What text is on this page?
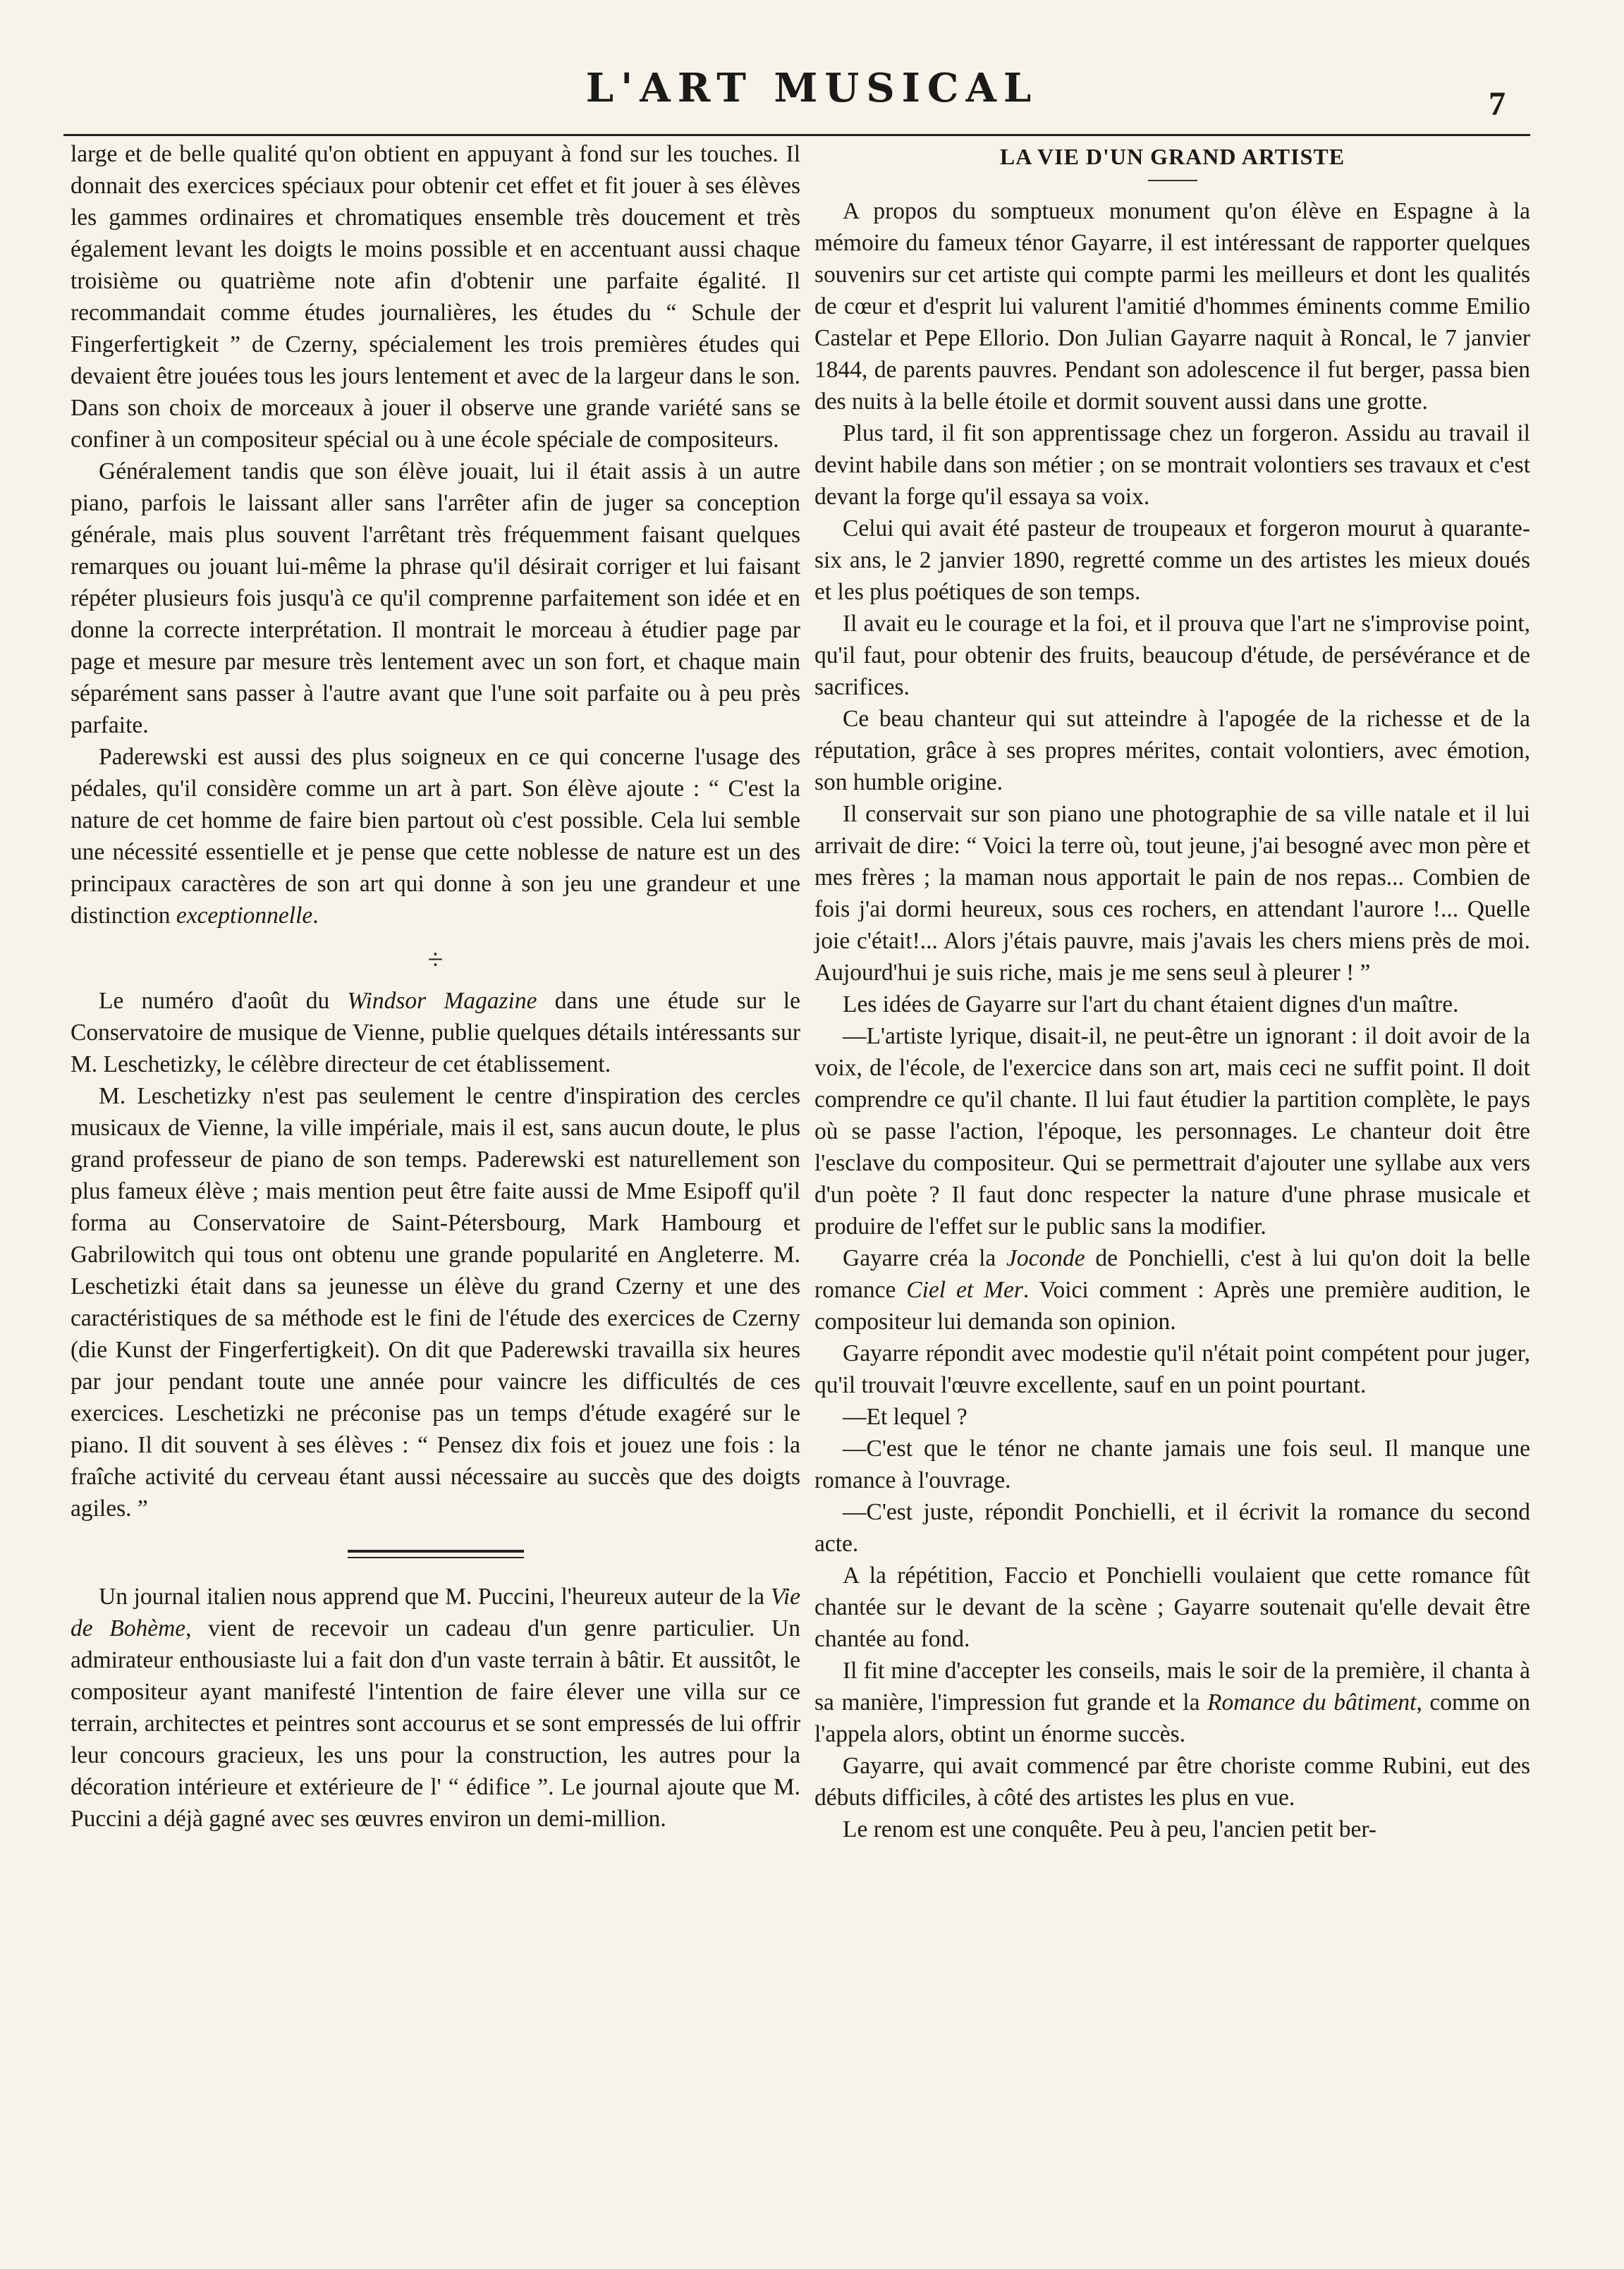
L'ART MUSICAL	7

large et de belle qualité qu'on obtient en appuyant à fond sur les touches. Il donnait des exercices spéciaux pour obtenir cet effet et fit jouer à ses élèves les gammes ordinaires et chromatiques ensemble très doucement et très également levant les doigts le moins possible et en accentuant aussi chaque troisième ou quatrième note afin d'obtenir une parfaite égalité. Il recommandait comme études journalières, les études du “ Schule der Fingerfertigkeit ” de Czerny, spécialement les trois premières études qui devaient être jouées tous les jours lentement et avec de la largeur dans le son. Dans son choix de morceaux à jouer il observe une grande variété sans se confiner à un compositeur spécial ou à une école spéciale de compositeurs.

Généralement tandis que son élève jouait, lui il était assis à un autre piano, parfois le laissant aller sans l'arrêter afin de juger sa conception générale, mais plus souvent l'arrêtant très fréquemment faisant quelques remarques ou jouant lui-même la phrase qu'il désirait corriger et lui faisant répéter plusieurs fois jusqu'à ce qu'il comprenne parfaitement son idée et en donne la correcte interprétation. Il montrait le morceau à étudier page par page et mesure par mesure très lentement avec un son fort, et chaque main séparément sans passer à l'autre avant que l'une soit parfaite ou à peu près parfaite.

Paderewski est aussi des plus soigneux en ce qui concerne l'usage des pédales, qu'il considère comme un art à part. Son élève ajoute : “ C'est la nature de cet homme de faire bien partout où c'est possible. Cela lui semble une nécessité essentielle et je pense que cette noblesse de nature est un des principaux caractères de son art qui donne à son jeu une grandeur et une distinction exceptionnelle.

÷

Le numéro d'août du Windsor Magazine dans une étude sur le Conservatoire de musique de Vienne, publie quelques détails intéressants sur M. Leschetizky, le célèbre directeur de cet établissement.

M. Leschetizky n'est pas seulement le centre d'inspiration des cercles musicaux de Vienne, la ville impériale, mais il est, sans aucun doute, le plus grand professeur de piano de son temps. Paderewski est naturellement son plus fameux élève ; mais mention peut être faite aussi de Mme Esipoff qu'il forma au Conservatoire de Saint-Pétersbourg, Mark Hambourg et Gabrilowitch qui tous ont obtenu une grande popularité en Angleterre. M. Leschetizki était dans sa jeunesse un élève du grand Czerny et une des caractéristiques de sa méthode est le fini de l'étude des exercices de Czerny (die Kunst der Fingerfertigkeit). On dit que Paderewski travailla six heures par jour pendant toute une année pour vaincre les difficultés de ces exercices. Leschetizki ne préconise pas un temps d'étude exagéré sur le piano. Il dit souvent à ses élèves : “ Pensez dix fois et jouez une fois : la fraîche activité du cerveau étant aussi nécessaire au succès que des doigts agiles. ”

Un journal italien nous apprend que M. Puccini, l'heureux auteur de la Vie de Bohème, vient de recevoir un cadeau d'un genre particulier. Un admirateur enthousiaste lui a fait don d'un vaste terrain à bâtir. Et aussitôt, le compositeur ayant manifesté l'intention de faire élever une villa sur ce terrain, architectes et peintres sont accourus et se sont empressés de lui offrir leur concours gracieux, les uns pour la construction, les autres pour la décoration intérieure et extérieure de l' “ édifice ”. Le journal ajoute que M. Puccini a déjà gagné avec ses œuvres environ un demi-million.

LA VIE D'UN GRAND ARTISTE

A propos du somptueux monument qu'on élève en Espagne à la mémoire du fameux ténor Gayarre, il est intéressant de rapporter quelques souvenirs sur cet artiste qui compte parmi les meilleurs et dont les qualités de cœur et d'esprit lui valurent l'amitié d'hommes éminents comme Emilio Castelar et Pepe Ellorio. Don Julian Gayarre naquit à Roncal, le 7 janvier 1844, de parents pauvres. Pendant son adolescence il fut berger, passa bien des nuits à la belle étoile et dormit souvent aussi dans une grotte.

Plus tard, il fit son apprentissage chez un forgeron. Assidu au travail il devint habile dans son métier ; on se montrait volontiers ses travaux et c'est devant la forge qu'il essaya sa voix.

Celui qui avait été pasteur de troupeaux et forgeron mourut à quarante-six ans, le 2 janvier 1890, regretté comme un des artistes les mieux doués et les plus poétiques de son temps.

Il avait eu le courage et la foi, et il prouva que l'art ne s'improvise point, qu'il faut, pour obtenir des fruits, beaucoup d'étude, de persévérance et de sacrifices.

Ce beau chanteur qui sut atteindre à l'apogée de la richesse et de la réputation, grâce à ses propres mérites, contait volontiers, avec émotion, son humble origine.

Il conservait sur son piano une photographie de sa ville natale et il lui arrivait de dire: “ Voici la terre où, tout jeune, j'ai besogné avec mon père et mes frères ; la maman nous apportait le pain de nos repas... Combien de fois j'ai dormi heureux, sous ces rochers, en attendant l'aurore !... Quelle joie c'était!... Alors j'étais pauvre, mais j'avais les chers miens près de moi. Aujourd'hui je suis riche, mais je me sens seul à pleurer ! ”

Les idées de Gayarre sur l'art du chant étaient dignes d'un maître.

—L'artiste lyrique, disait-il, ne peut-être un ignorant : il doit avoir de la voix, de l'école, de l'exercice dans son art, mais ceci ne suffit point. Il doit comprendre ce qu'il chante. Il lui faut étudier la partition complète, le pays où se passe l'action, l'époque, les personnages. Le chanteur doit être l'esclave du compositeur. Qui se permettrait d'ajouter une syllabe aux vers d'un poète ? Il faut donc respecter la nature d'une phrase musicale et produire de l'effet sur le public sans la modifier.

Gayarre créa la Joconde de Ponchielli, c'est à lui qu'on doit la belle romance Ciel et Mer. Voici comment : Après une première audition, le compositeur lui demanda son opinion.

Gayarre répondit avec modestie qu'il n'était point compétent pour juger, qu'il trouvait l'œuvre excellente, sauf en un point pourtant.

—Et lequel ?

—C'est que le ténor ne chante jamais une fois seul. Il manque une romance à l'ouvrage.

—C'est juste, répondit Ponchielli, et il écrivit la romance du second acte.

A la répétition, Faccio et Ponchielli voulaient que cette romance fût chantée sur le devant de la scène ; Gayarre soutenait qu'elle devait être chantée au fond.

Il fit mine d'accepter les conseils, mais le soir de la première, il chanta à sa manière, l'impression fut grande et la Romance du bâtiment, comme on l'appela alors, obtint un énorme succès.

Gayarre, qui avait commencé par être choriste comme Rubini, eut des débuts difficiles, à côté des artistes les plus en vue.

Le renom est une conquête. Peu à peu, l'ancien petit ber-
